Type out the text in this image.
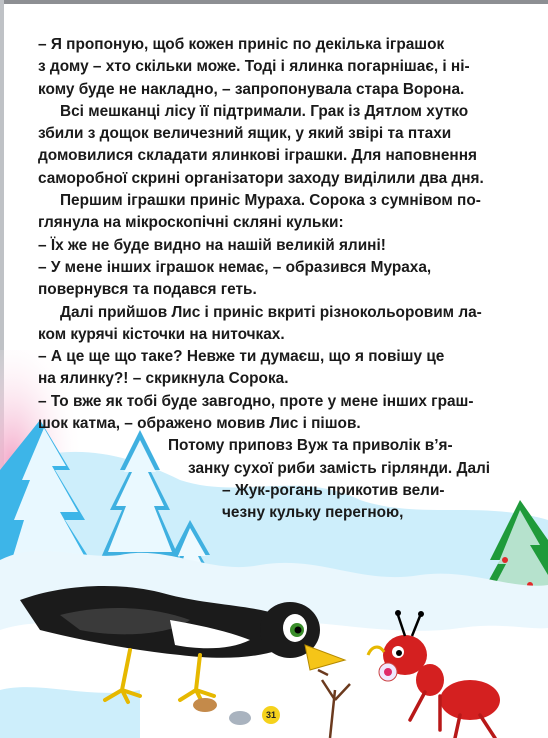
– Я пропоную, щоб кожен приніс по декілька іграшок
з дому – хто скільки може. Тоді і ялинка погарнішає, і ні-
кому буде не накладно, – запропонувала стара Ворона.
Всі мешканці лісу її підтримали. Грак із Дятлом хутко
збили з дощок величезний ящик, у який звірі та птахи
домовилися складати ялинкові іграшки. Для наповнення
саморобної скрині організатори заходу виділили два дня.
Першим іграшки приніс Мураха. Сорока з сумнівом по-
глянула на мікроскопічні скляні кульки:
– Їх же не буде видно на нашій великій ялині!
– У мене інших іграшок немає, – образився Мураха,
повернувся та подався геть.
Далі прийшов Лис і приніс вкриті різнокольоровим ла-
ком курячі кісточки на ниточках.
– А це ще що таке? Невже ти думаєш, що я повішу це
на ялинку?! – скрикнула Сорока.
– То вже як тобі буде завгодно, проте у мене інших граш-
шок катма, – ображено мовив Лис і пішов.
Потому приповз Вуж та приволік в’я-
занку сухої риби замість гірлянди. Далі
– Жук-рогань прикотив вели-
чезну кульку перегною,
31
